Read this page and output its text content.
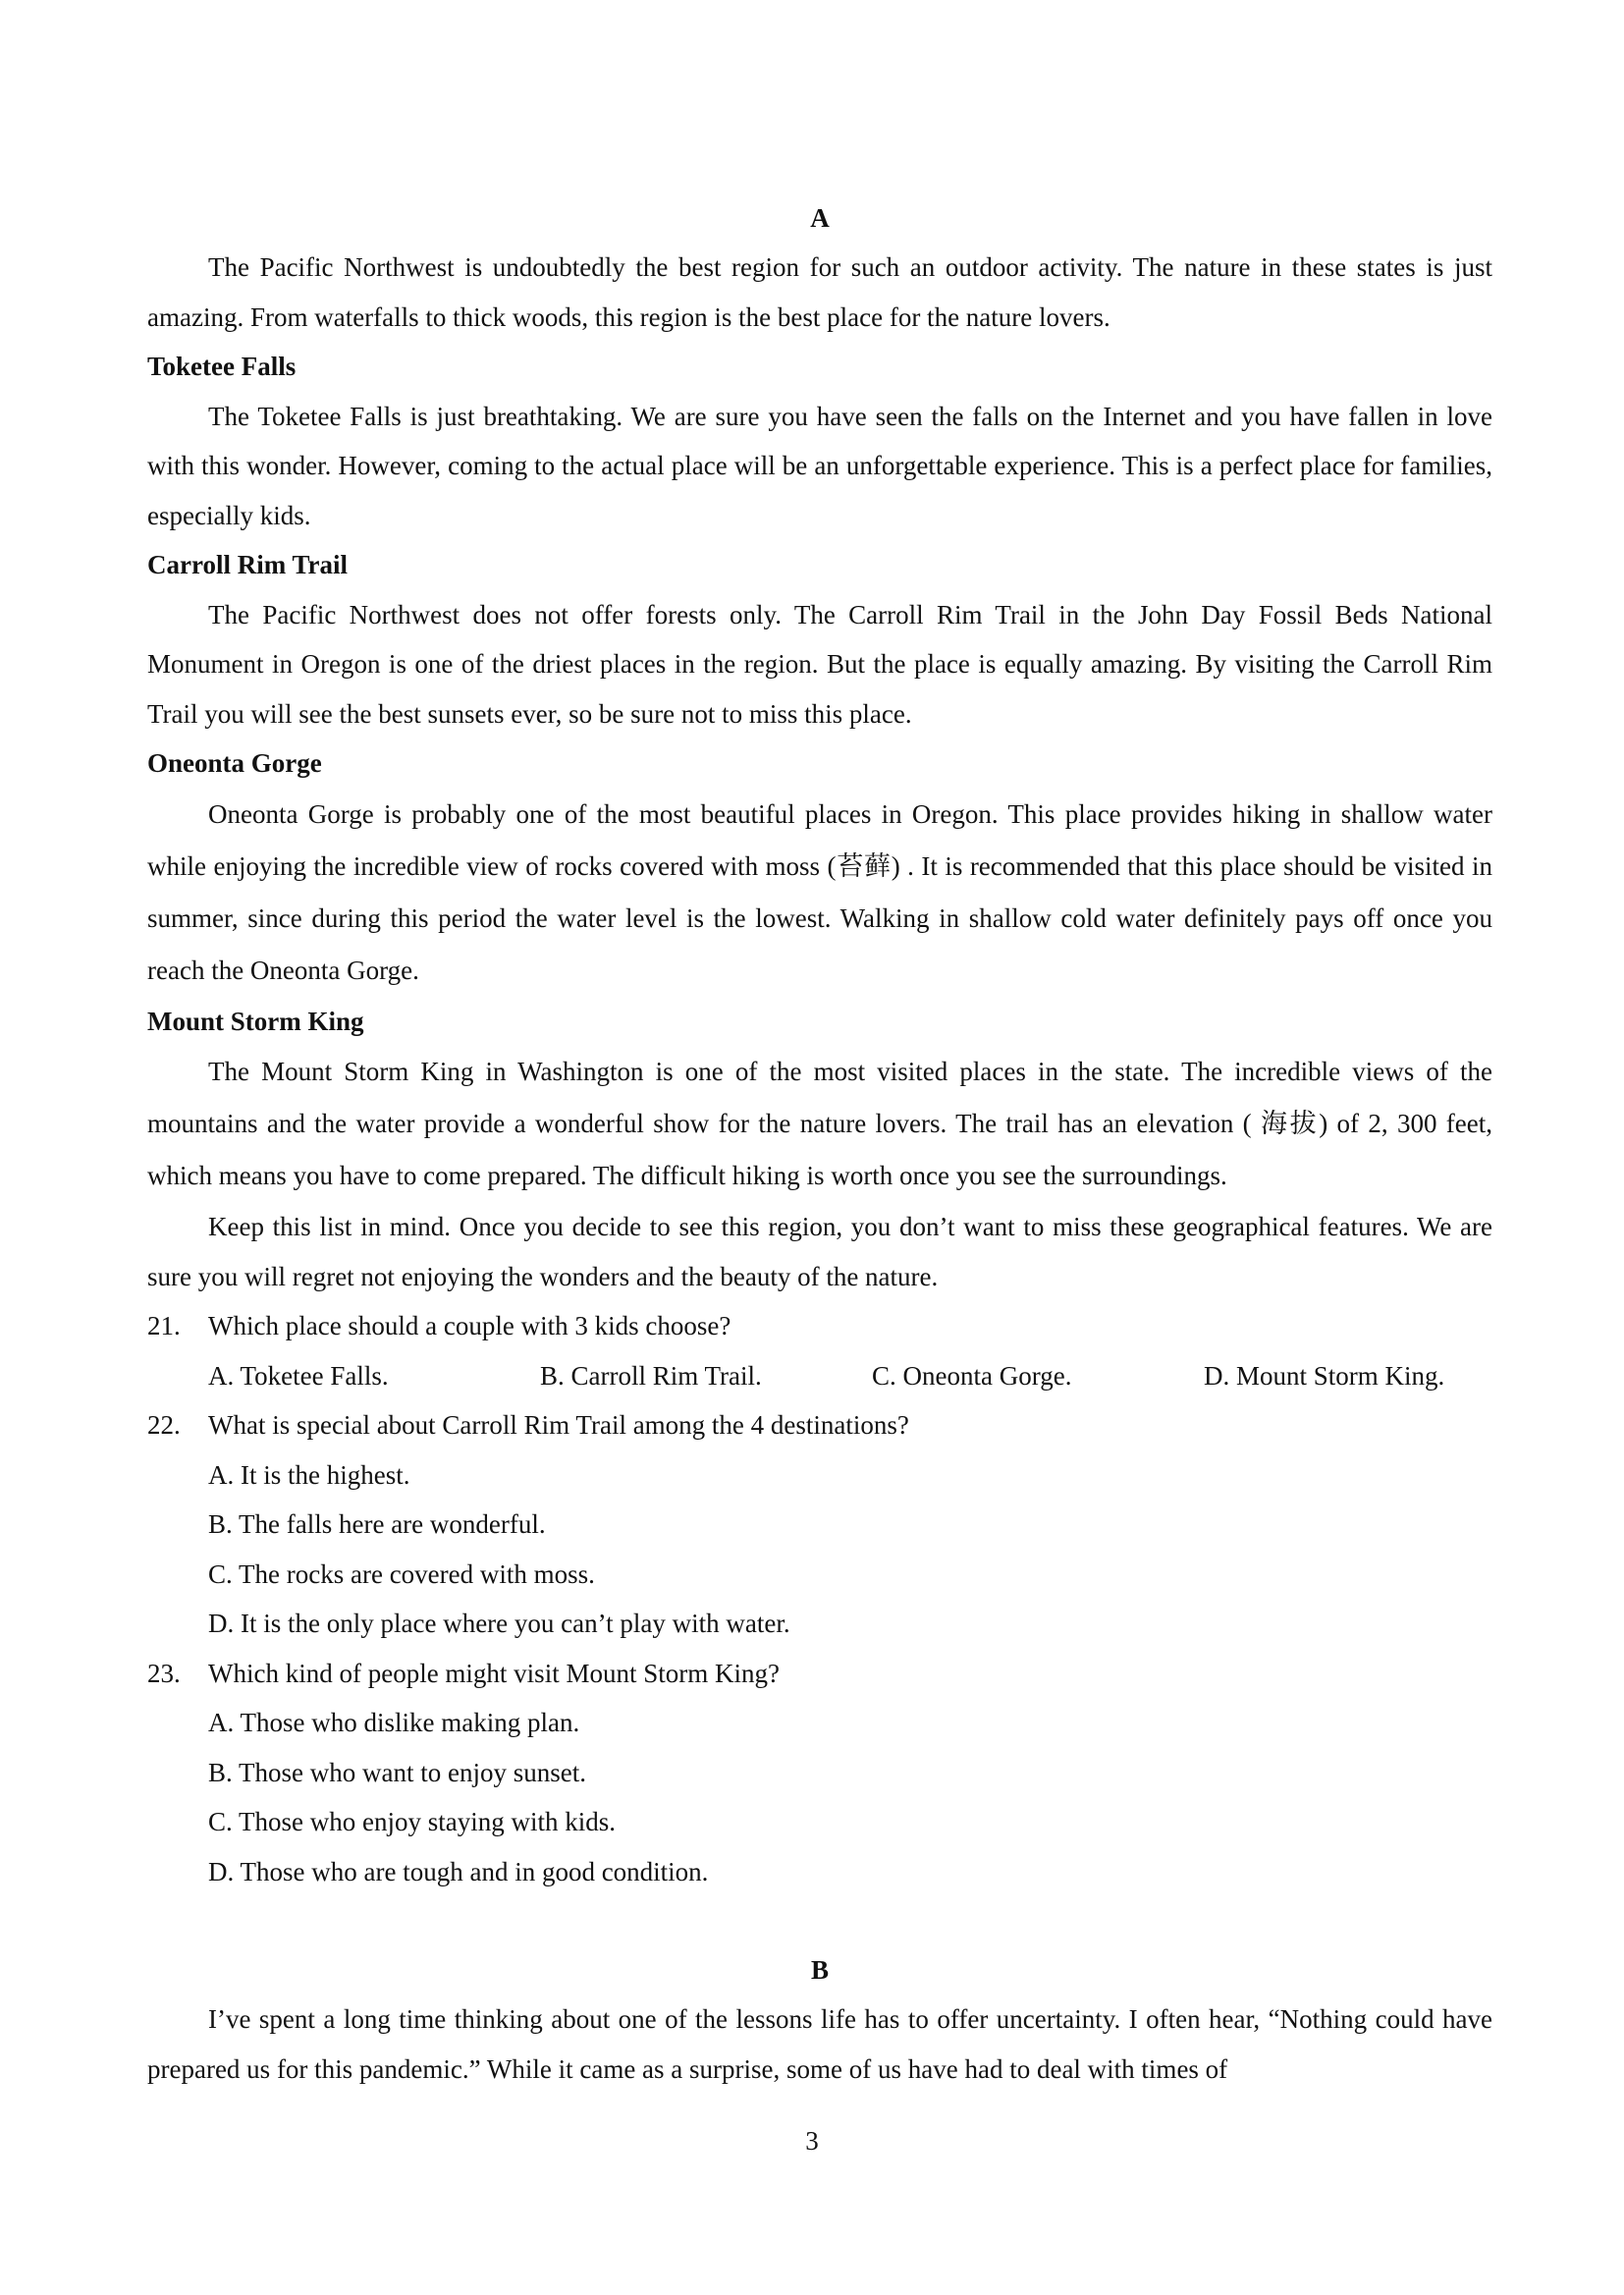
A

The Pacific Northwest is undoubtedly the best region for such an outdoor activity. The nature in these states is just amazing. From waterfalls to thick woods, this region is the best place for the nature lovers.

Toketee Falls

The Toketee Falls is just breathtaking. We are sure you have seen the falls on the Internet and you have fallen in love with this wonder. However, coming to the actual place will be an unforgettable experience. This is a perfect place for families, especially kids.

Carroll Rim Trail

The Pacific Northwest does not offer forests only. The Carroll Rim Trail in the John Day Fossil Beds National Monument in Oregon is one of the driest places in the region. But the place is equally amazing. By visiting the Carroll Rim Trail you will see the best sunsets ever, so be sure not to miss this place.

Oneonta Gorge

Oneonta Gorge is probably one of the most beautiful places in Oregon. This place provides hiking in shallow water while enjoying the incredible view of rocks covered with moss (苔藓) . It is recommended that this place should be visited in summer, since during this period the water level is the lowest. Walking in shallow cold water definitely pays off once you reach the Oneonta Gorge.

Mount Storm King

The Mount Storm King in Washington is one of the most visited places in the state. The incredible views of the mountains and the water provide a wonderful show for the nature lovers. The trail has an elevation ( 海拔) of 2, 300 feet, which means you have to come prepared. The difficult hiking is worth once you see the surroundings.

Keep this list in mind. Once you decide to see this region, you don’t want to miss these geographical features. We are sure you will regret not enjoying the wonders and the beauty of the nature.

21.	Which place should a couple with 3 kids choose?
A. Toketee Falls.	B. Carroll Rim Trail.	C. Oneonta Gorge.	D. Mount Storm King.
22.	What is special about Carroll Rim Trail among the 4 destinations?
A. It is the highest.
B. The falls here are wonderful.
C. The rocks are covered with moss.
D. It is the only place where you can’t play with water.
23.	Which kind of people might visit Mount Storm King?
A. Those who dislike making plan.
B. Those who want to enjoy sunset.
C. Those who enjoy staying with kids.
D. Those who are tough and in good condition.
B

I’ve spent a long time thinking about one of the lessons life has to offer uncertainty. I often hear, “Nothing could have prepared us for this pandemic.” While it came as a surprise, some of us have had to deal with times of

3
